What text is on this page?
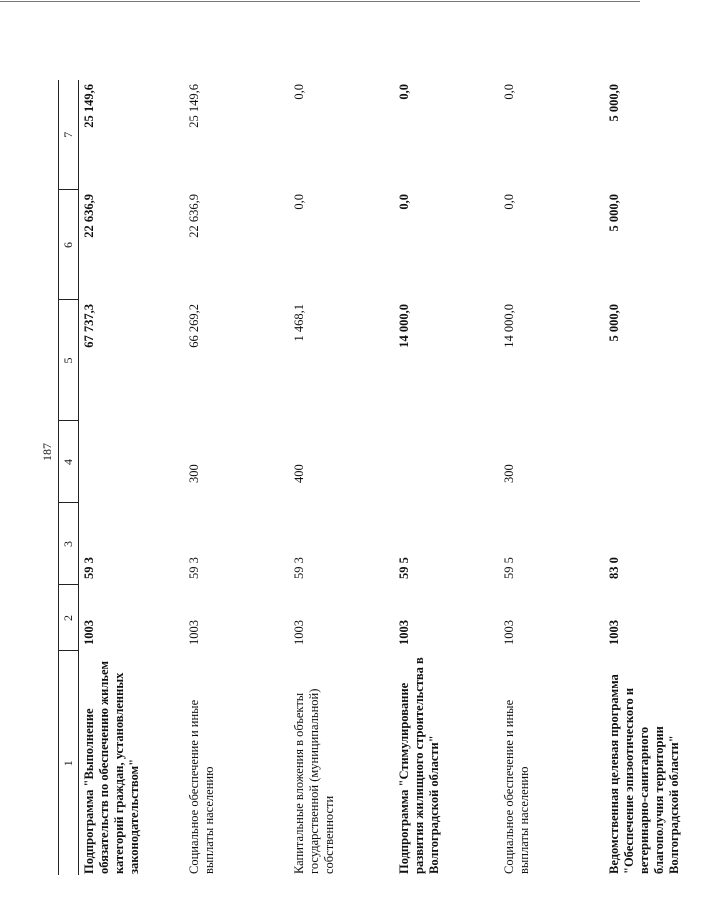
187
1	2	3	4	5	6	7
Подпрограмма "Выполнение обязательств по обеспечению жильем категорий граждан, установленных законодательством"	1003	59 3		67 737,3	22 636,9	25 149,6
Социальное обеспечение и иные выплаты населению	1003	59 3	300	66 269,2	22 636,9	25 149,6
Капитальные вложения в объекты государственной (муниципальной) собственности	1003	59 3	400	1 468,1	0,0	0,0
Подпрограмма "Стимулирование развития жилищного строительства в Волгоградской области"	1003	59 5		14 000,0	0,0	0,0
Социальное обеспечение и иные выплаты населению	1003	59 5	300	14 000,0	0,0	0,0
Ведомственная целевая программа "Обеспечение эпизоотического и ветеринарно-санитарного благополучия территории Волгоградской области"	1003	83 0		5 000,0	5 000,0	5 000,0
